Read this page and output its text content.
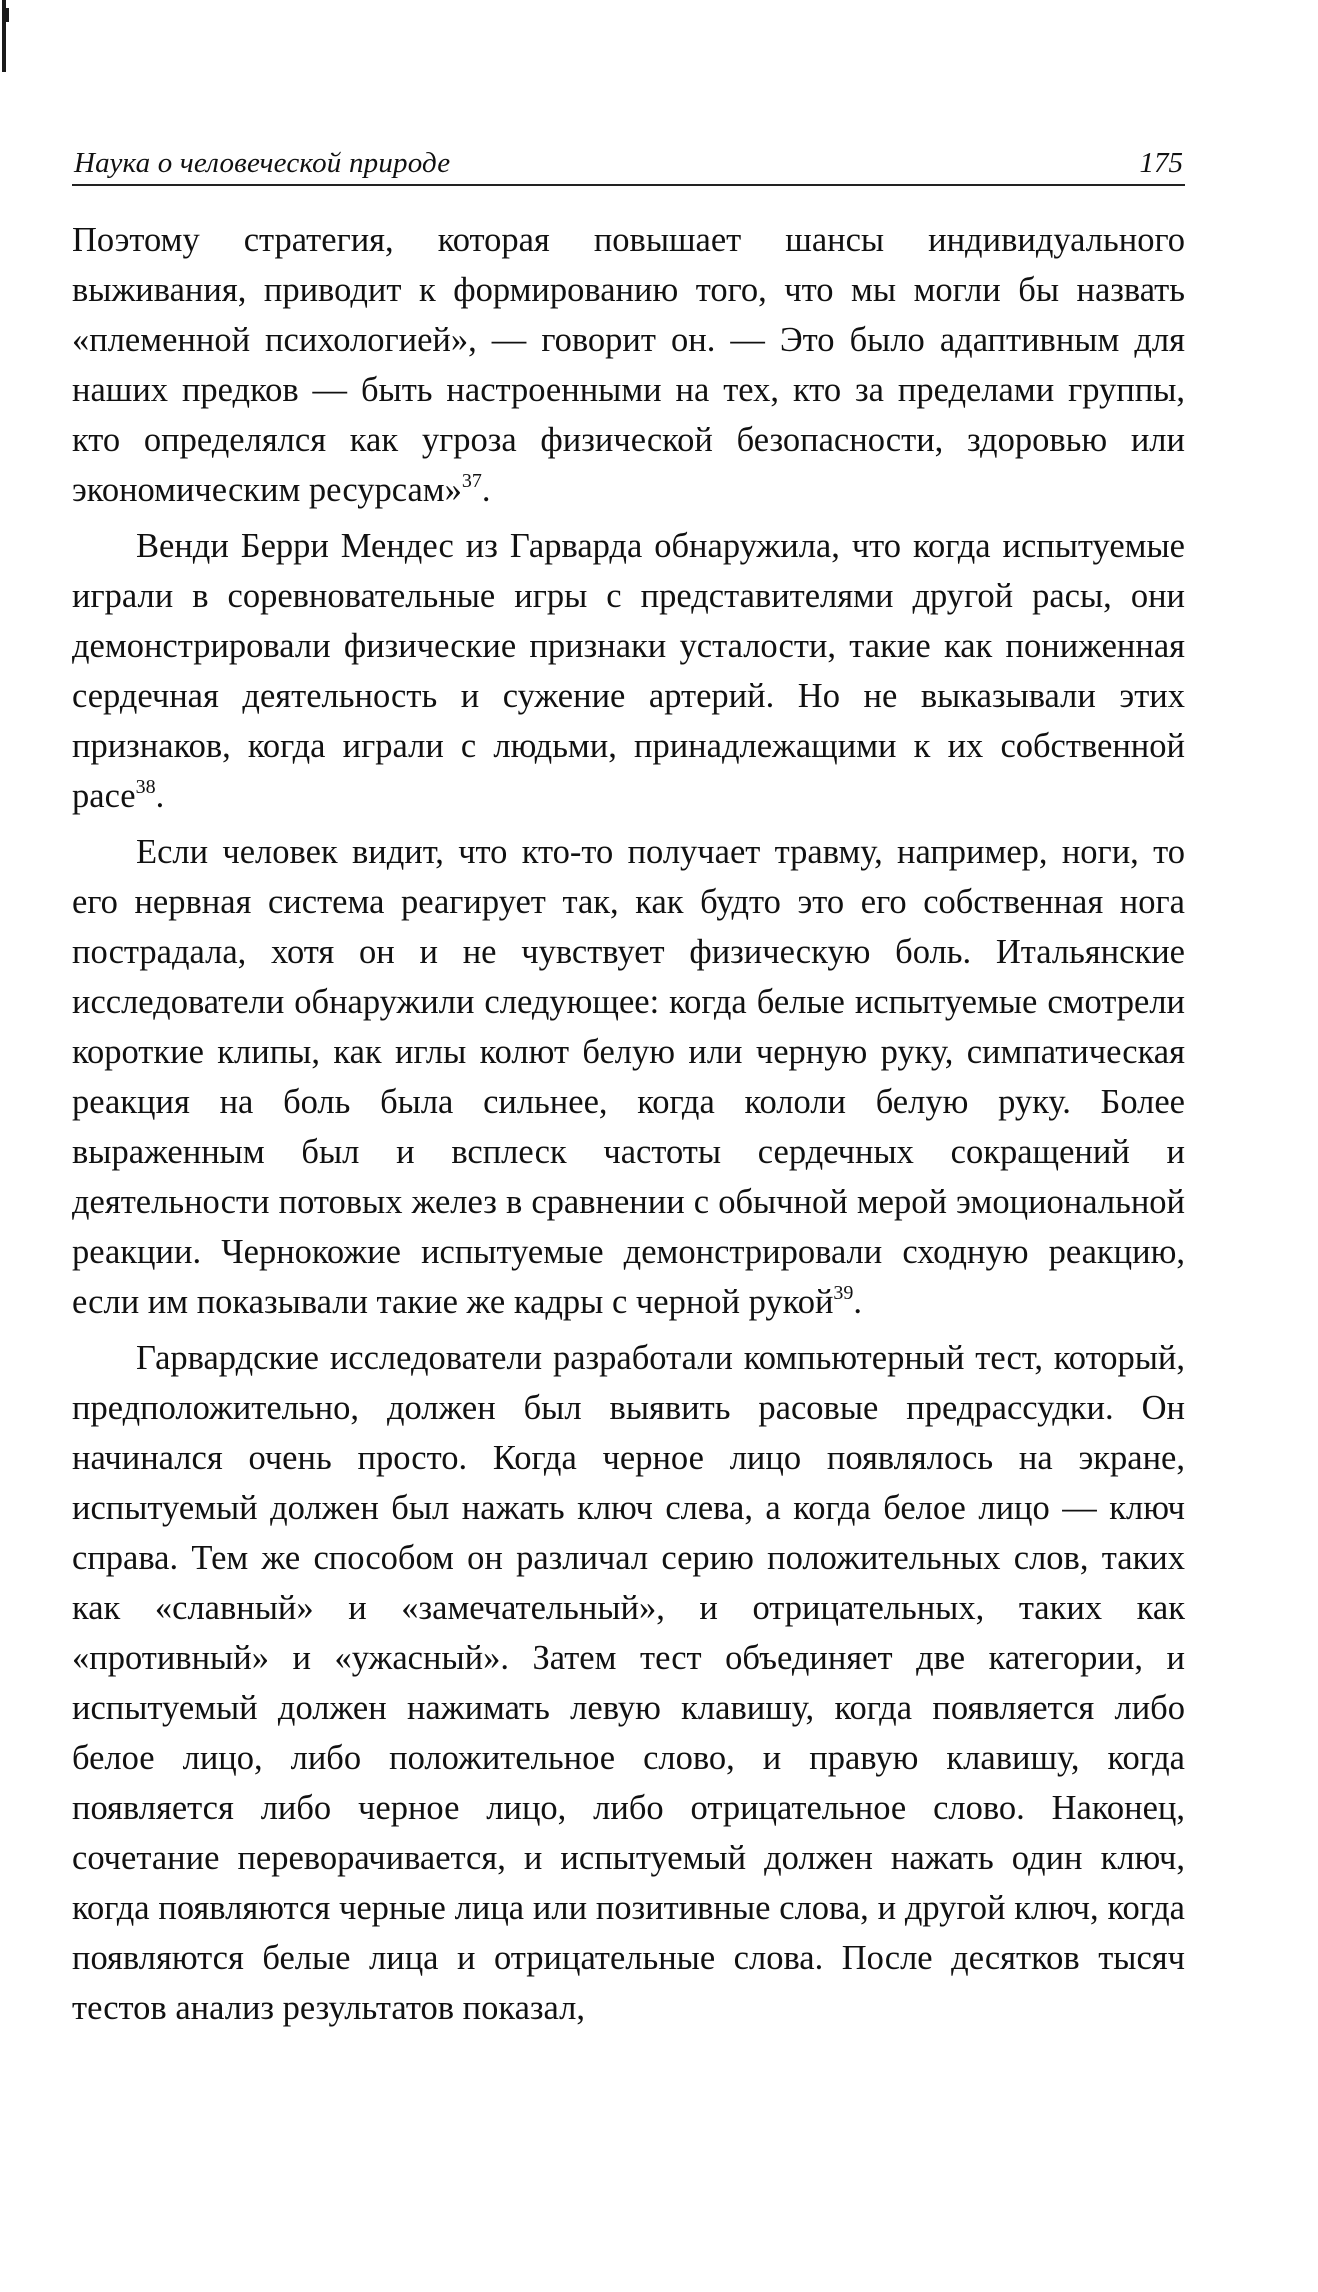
Наука о человеческой природе	175

Поэтому стратегия, которая повышает шансы индивидуального выживания, приводит к формированию того, что мы могли бы назвать «племенной психологией», — говорит он. — Это было адаптивным для наших предков — быть настроенными на тех, кто за пределами группы, кто определялся как угроза физической безопасности, здоровью или экономическим ресурсам»$^{37}$.

Венди Берри Мендес из Гарварда обнаружила, что когда испытуемые играли в соревновательные игры с представителями другой расы, они демонстрировали физические признаки усталости, такие как пониженная сердечная деятельность и сужение артерий. Но не выказывали этих признаков, когда играли с людьми, принадлежащими к их собственной расе$^{38}$.

Если человек видит, что кто-то получает травму, например, ноги, то его нервная система реагирует так, как будто это его собственная нога пострадала, хотя он и не чувствует физическую боль. Итальянские исследователи обнаружили следующее: когда белые испытуемые смотрели короткие клипы, как иглы колют белую или черную руку, симпатическая реакция на боль была сильнее, когда кололи белую руку. Более выраженным был и всплеск частоты сердечных сокращений и деятельности потовых желез в сравнении с обычной мерой эмоциональной реакции. Чернокожие испытуемые демонстрировали сходную реакцию, если им показывали такие же кадры с черной рукой$^{39}$.

Гарвардские исследователи разработали компьютерный тест, который, предположительно, должен был выявить расовые предрассудки. Он начинался очень просто. Когда черное лицо появлялось на экране, испытуемый должен был нажать ключ слева, а когда белое лицо — ключ справа. Тем же способом он различал серию положительных слов, таких как «славный» и «замечательный», и отрицательных, таких как «противный» и «ужасный». Затем тест объединяет две категории, и испытуемый должен нажимать левую клавишу, когда появляется либо белое лицо, либо положительное слово, и правую клавишу, когда появляется либо черное лицо, либо отрицательное слово. Наконец, сочетание переворачивается, и испытуемый должен нажать один ключ, когда появляются черные лица или позитивные слова, и другой ключ, когда появляются белые лица и отрицательные слова. После десятков тысяч тестов анализ результатов показал,
